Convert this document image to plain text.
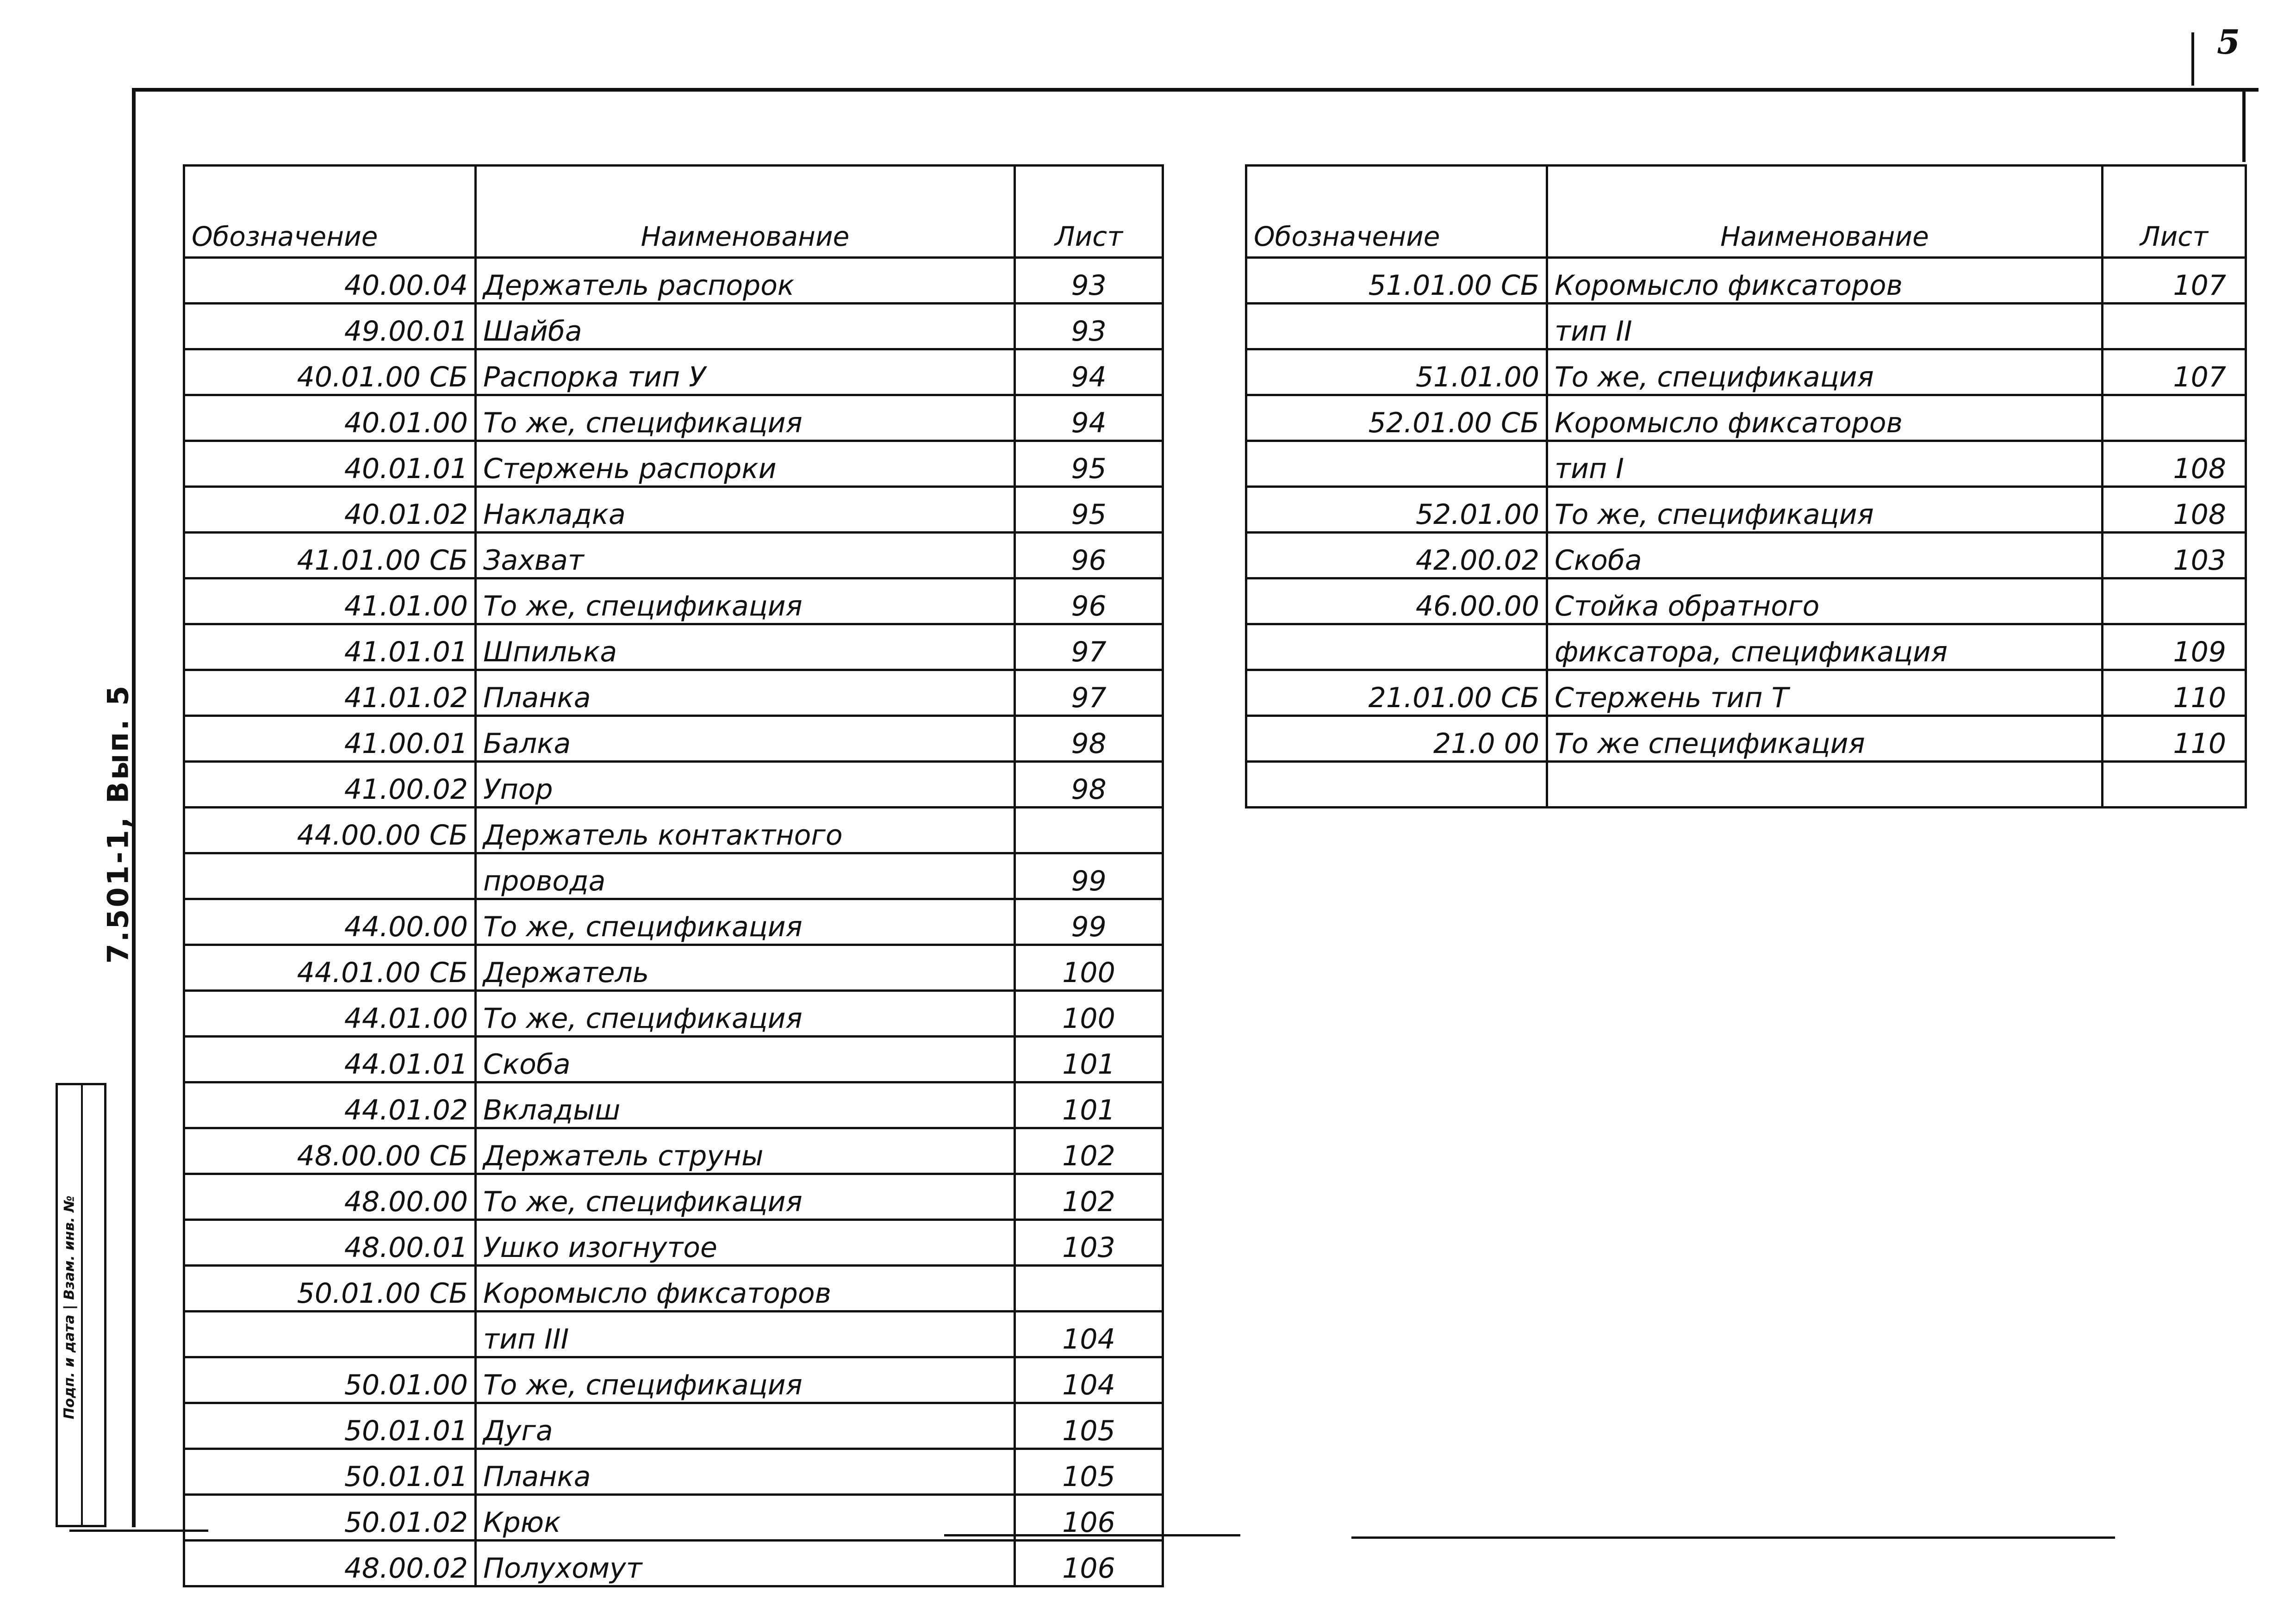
5
7.501-1, Вып. 5
Подп. и дата | Взам. инв. №
Обозначение	Наименование	Лист
40.00.04	Держатель распорок	93
49.00.01	Шайба	93
40.01.00 СБ	Распорка тип У	94
40.01.00	То же, спецификация	94
40.01.01	Стержень распорки	95
40.01.02	Накладка	95
41.01.00 СБ	Захват	96
41.01.00	То же, спецификация	96
41.01.01	Шпилька	97
41.01.02	Планка	97
41.00.01	Балка	98
41.00.02	Упор	98
44.00.00 СБ	Держатель контактного	
	провода	99
44.00.00	То же, спецификация	99
44.01.00 СБ	Держатель	100
44.01.00	То же, спецификация	100
44.01.01	Скоба	101
44.01.02	Вкладыш	101
48.00.00 СБ	Держатель струны	102
48.00.00	То же, спецификация	102
48.00.01	Ушко изогнутое	103
50.01.00 СБ	Коромысло фиксаторов	
	тип III	104
50.01.00	То же, спецификация	104
50.01.01	Дуга	105
50.01.01	Планка	105
50.01.02	Крюк	106
48.00.02	Полухомут	106
Обозначение	Наименование	Лист
51.01.00 СБ	Коромысло фиксаторов	107
	тип II	
51.01.00	То же, спецификация	107
52.01.00 СБ	Коромысло фиксаторов	
	тип I	108
52.01.00	То же, спецификация	108
42.00.02	Скоба	103
46.00.00	Стойка обратного	
	фиксатора, спецификация	109
21.01.00 СБ	Стержень тип Т	110
21.0 00	То же спецификация	110
